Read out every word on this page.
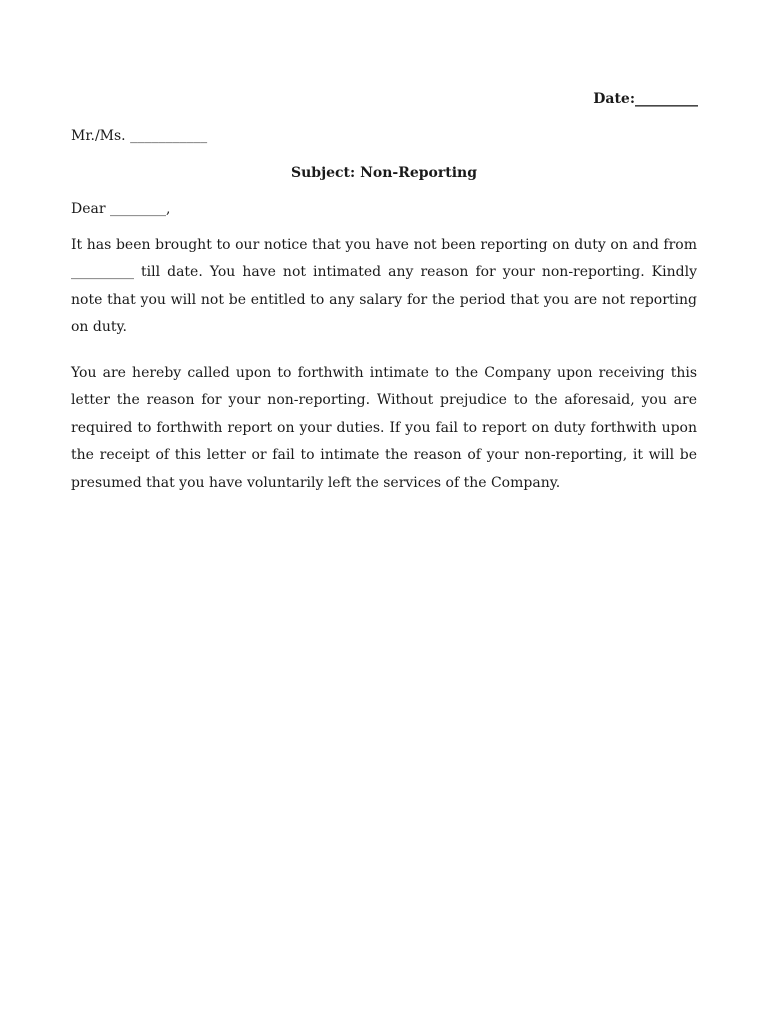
Date:_________
Mr./Ms. ___________
Subject: Non-Reporting
Dear ________,

It has been brought to our notice that you have not been reporting on duty on and from _________ till date. You have not intimated any reason for your non-reporting. Kindly note that you will not be entitled to any salary for the period that you are not reporting on duty.

You are hereby called upon to forthwith intimate to the Company upon receiving this letter the reason for your non-reporting. Without prejudice to the aforesaid, you are required to forthwith report on your duties. If you fail to report on duty forthwith upon the receipt of this letter or fail to intimate the reason of your non-reporting, it will be presumed that you have voluntarily left the services of the Company.
